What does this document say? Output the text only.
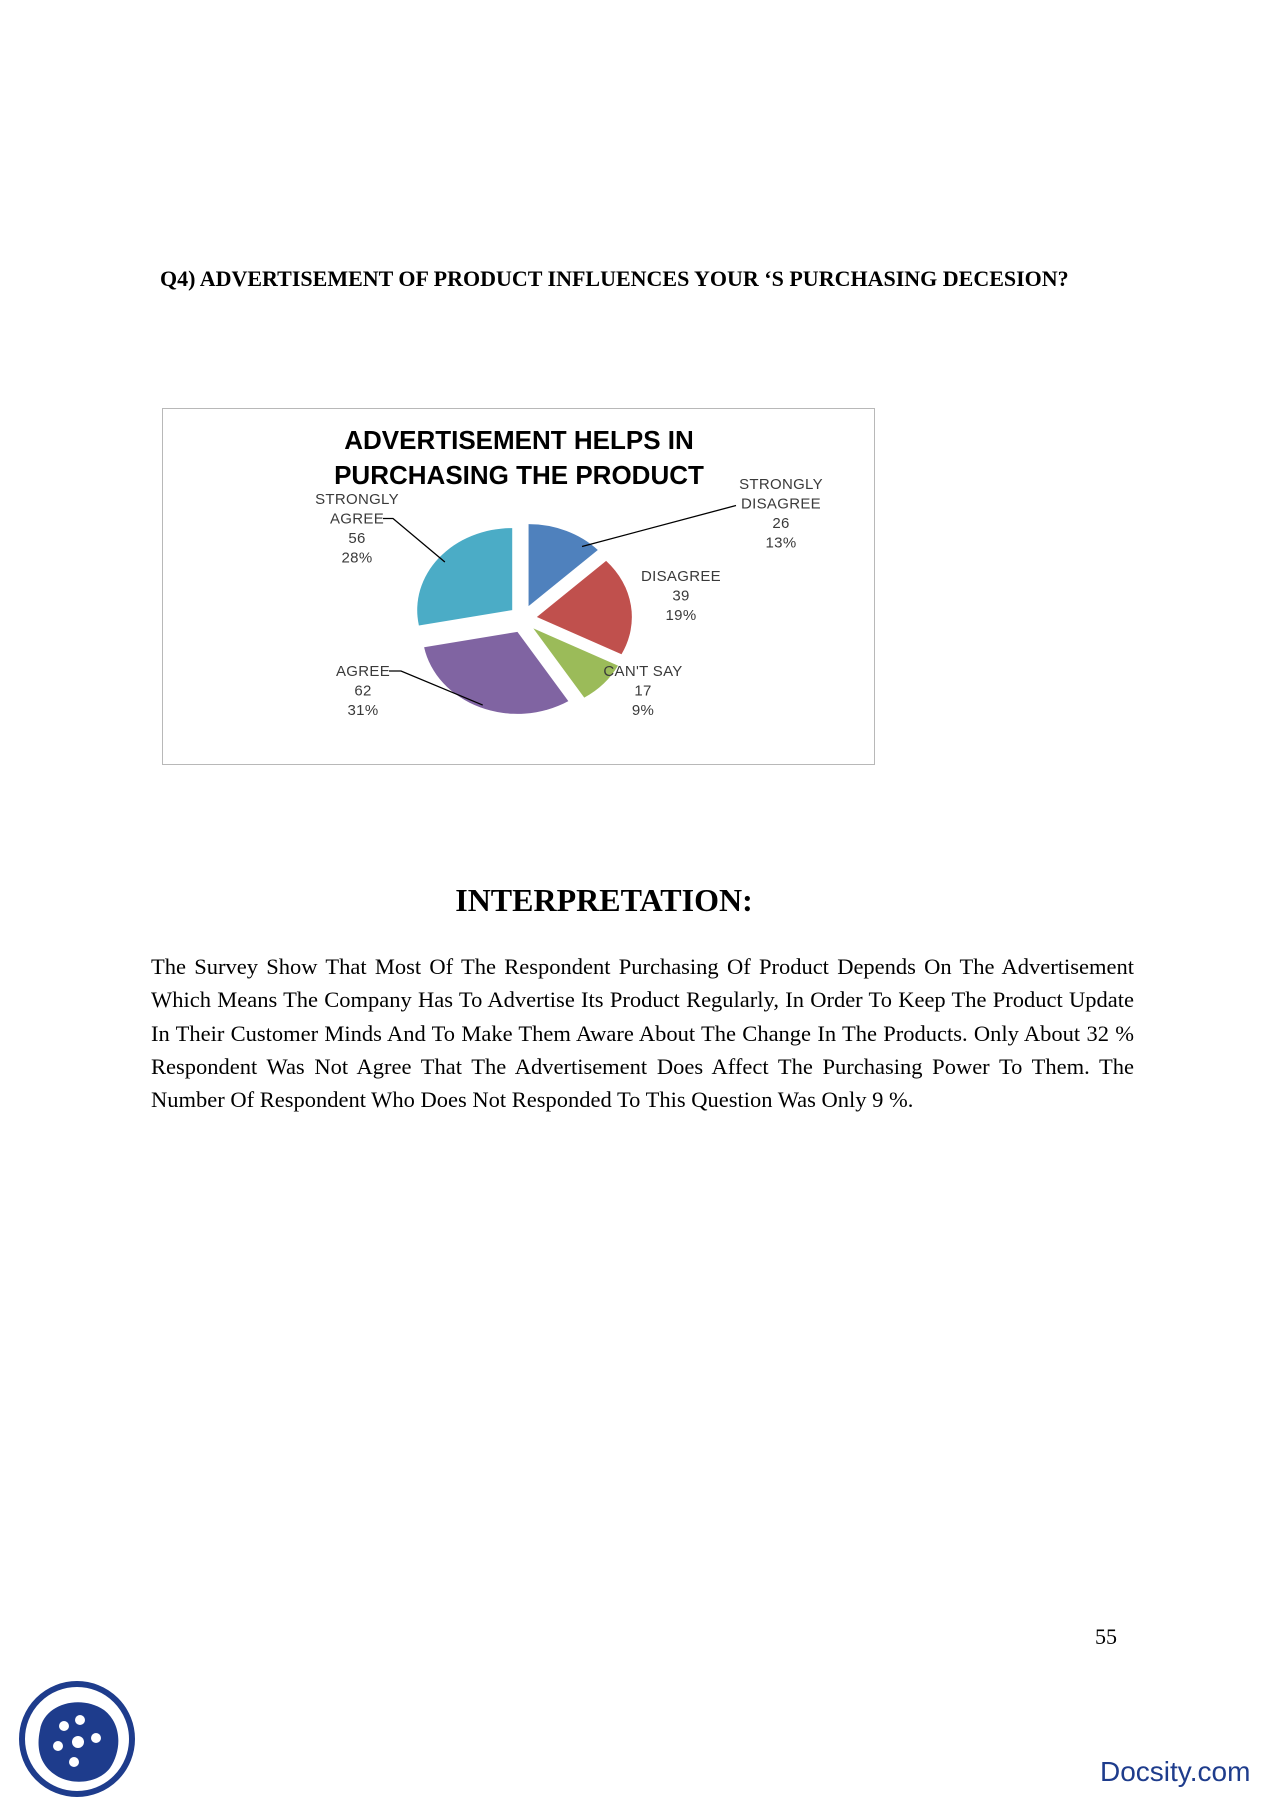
Q4) ADVERTISEMENT OF PRODUCT INFLUENCES YOUR ‘S PURCHASING DECESION?

ADVERTISEMENT HELPS IN
PURCHASING THE PRODUCT STRONGLY
DISAGREE
26
13%
DISAGREE
39
19%
CAN'T SAY
17
9%
AGREE
62
31%
STRONGLY
AGREE
56
28%
INTERPRETATION:

The Survey Show That Most Of The Respondent Purchasing Of Product Depends On The Advertisement Which Means The Company Has To Advertise Its Product Regularly, In Order To Keep The Product Update In Their Customer Minds And To Make Them Aware About The Change In The Products. Only About 32 % Respondent Was Not Agree That The Advertisement Does Affect The Purchasing Power To Them. The Number Of Respondent Who Does Not Responded To This Question Was Only 9 %.

55
Docsity.com
